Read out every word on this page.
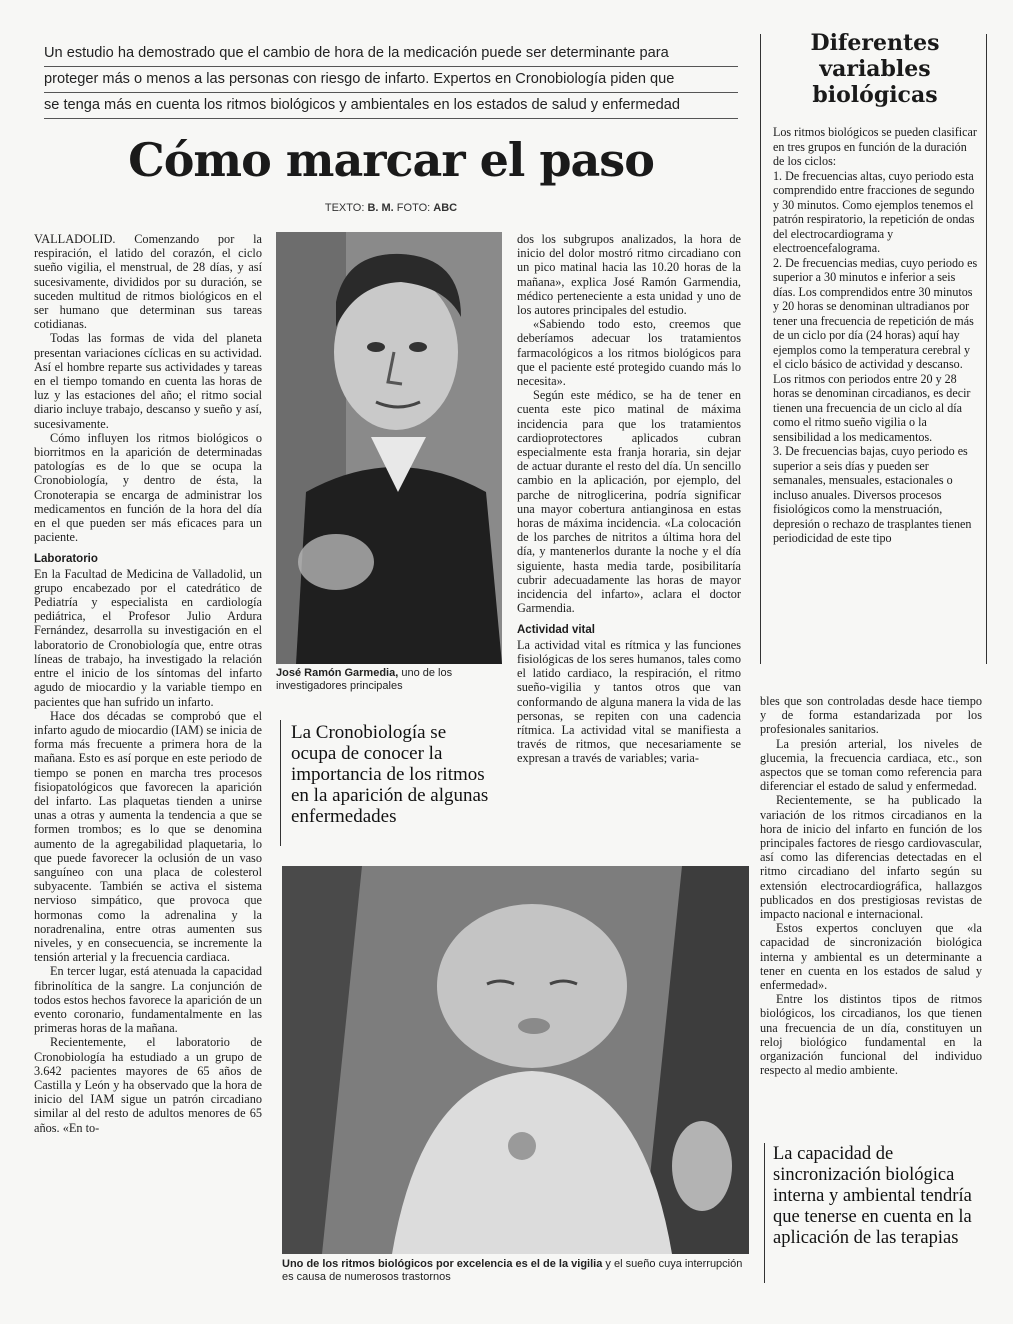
Un estudio ha demostrado que el cambio de hora de la medicación puede ser determinante para
proteger más o menos a las personas con riesgo de infarto. Expertos en Cronobiología piden que
se tenga más en cuenta los ritmos biológicos y ambientales en los estados de salud y enfermedad
Cómo marcar el paso
TEXTO: B. M. FOTO: ABC

VALLADOLID. Comenzando por la respiración, el latido del corazón, el ciclo sueño vigilia, el menstrual, de 28 días, y así sucesivamente, divididos por su duración, se suceden multitud de ritmos biológicos en el ser humano que determinan sus tareas cotidianas.

Todas las formas de vida del planeta presentan variaciones cíclicas en su actividad. Así el hombre reparte sus actividades y tareas en el tiempo tomando en cuenta las horas de luz y las estaciones del año; el ritmo social diario incluye trabajo, descanso y sueño y así, sucesivamente.

Cómo influyen los ritmos biológicos o biorritmos en la aparición de determinadas patologías es de lo que se ocupa la Cronobiología, y dentro de ésta, la Cronoterapia se encarga de administrar los medicamentos en función de la hora del día en el que pueden ser más eficaces para un paciente.

Laboratorio

En la Facultad de Medicina de Valladolid, un grupo encabezado por el catedrático de Pediatría y especialista en cardiología pediátrica, el Profesor Julio Ardura Fernández, desarrolla su investigación en el laboratorio de Cronobiología que, entre otras líneas de trabajo, ha investigado la relación entre el inicio de los síntomas del infarto agudo de miocardio y la variable tiempo en pacientes que han sufrido un infarto.

Hace dos décadas se comprobó que el infarto agudo de miocardio (IAM) se inicia de forma más frecuente a primera hora de la mañana. Esto es así porque en este periodo de tiempo se ponen en marcha tres procesos fisiopatológicos que favorecen la aparición del infarto. Las plaquetas tienden a unirse unas a otras y aumenta la tendencia a que se formen trombos; es lo que se denomina aumento de la agregabilidad plaquetaria, lo que puede favorecer la oclusión de un vaso sanguíneo con una placa de colesterol subyacente. También se activa el sistema nervioso simpático, que provoca que hormonas como la adrenalina y la noradrenalina, entre otras aumenten sus niveles, y en consecuencia, se incremente la tensión arterial y la frecuencia cardiaca.

En tercer lugar, está atenuada la capacidad fibrinolítica de la sangre. La conjunción de todos estos hechos favorece la aparición de un evento coronario, fundamentalmente en las primeras horas de la mañana.

Recientemente, el laboratorio de Cronobiología ha estudiado a un grupo de 3.642 pacientes mayores de 65 años de Castilla y León y ha observado que la hora de inicio del IAM sigue un patrón circadiano similar al del resto de adultos menores de 65 años. «En to-

José Ramón Garmedia, uno de los investigadores principales
La Cronobiología se ocupa de conocer la importancia de los ritmos en la aparición de algunas enfermedades

dos los subgrupos analizados, la hora de inicio del dolor mostró ritmo circadiano con un pico matinal hacia las 10.20 horas de la mañana», explica José Ramón Garmendia, médico perteneciente a esta unidad y uno de los autores principales del estudio.

«Sabiendo todo esto, creemos que deberíamos adecuar los tratamientos farmacológicos a los ritmos biológicos para que el paciente esté protegido cuando más lo necesita».

Según este médico, se ha de tener en cuenta este pico matinal de máxima incidencia para que los tratamientos cardioprotectores aplicados cubran especialmente esta franja horaria, sin dejar de actuar durante el resto del día. Un sencillo cambio en la aplicación, por ejemplo, del parche de nitroglicerina, podría significar una mayor cobertura antianginosa en estas horas de máxima incidencia. «La colocación de los parches de nitritos a última hora del día, y mantenerlos durante la noche y el día siguiente, hasta media tarde, posibilitaría cubrir adecuadamente las horas de mayor incidencia del infarto», aclara el doctor Garmendia.

Actividad vital

La actividad vital es rítmica y las funciones fisiológicas de los seres humanos, tales como el latido cardiaco, la respiración, el ritmo sueño-vigilia y tantos otros que van conformando de alguna manera la vida de las personas, se repiten con una cadencia rítmica. La actividad vital se manifiesta a través de ritmos, que necesariamente se expresan a través de variables; varia-

Uno de los ritmos biológicos por excelencia es el de la vigilia y el sueño cuya interrupción es causa de numerosos trastornos

bles que son controladas desde hace tiempo y de forma estandarizada por los profesionales sanitarios.

La presión arterial, los niveles de glucemia, la frecuencia cardiaca, etc., son aspectos que se toman como referencia para diferenciar el estado de salud y enfermedad.

Recientemente, se ha publicado la variación de los ritmos circadianos en la hora de inicio del infarto en función de los principales factores de riesgo cardiovascular, así como las diferencias detectadas en el ritmo circadiano del infarto según su extensión electrocardiográfica, hallazgos publicados en dos prestigiosas revistas de impacto nacional e internacional.

Estos expertos concluyen que «la capacidad de sincronización biológica interna y ambiental es un determinante a tener en cuenta en los estados de salud y enfermedad».

Entre los distintos tipos de ritmos biológicos, los circadianos, los que tienen una frecuencia de un día, constituyen un reloj biológico fundamental en la organización funcional del individuo respecto al medio ambiente.

La capacidad de sincronización biológica interna y ambiental tendría que tenerse en cuenta en la aplicación de las terapias
Diferentes
variables
biológicas

Los ritmos biológicos se pueden clasificar en tres grupos en función de la duración de los ciclos:

1. De frecuencias altas, cuyo periodo esta comprendido entre fracciones de segundo y 30 minutos. Como ejemplos tenemos el patrón respiratorio, la repetición de ondas del electrocardiograma y electroencefalograma.

2. De frecuencias medias, cuyo periodo es superior a 30 minutos e inferior a seis días. Los comprendidos entre 30 minutos y 20 horas se denominan ultradianos por tener una frecuencia de repetición de más de un ciclo por día (24 horas) aquí hay ejemplos como la temperatura cerebral y el ciclo básico de actividad y descanso. Los ritmos con periodos entre 20 y 28 horas se denominan circadianos, es decir tienen una frecuencia de un ciclo al día como el ritmo sueño vigilia o la sensibilidad a los medicamentos.

3. De frecuencias bajas, cuyo periodo es superior a seis días y pueden ser semanales, mensuales, estacionales o incluso anuales. Diversos procesos fisiológicos como la menstruación, depresión o rechazo de trasplantes tienen periodicidad de este tipo
